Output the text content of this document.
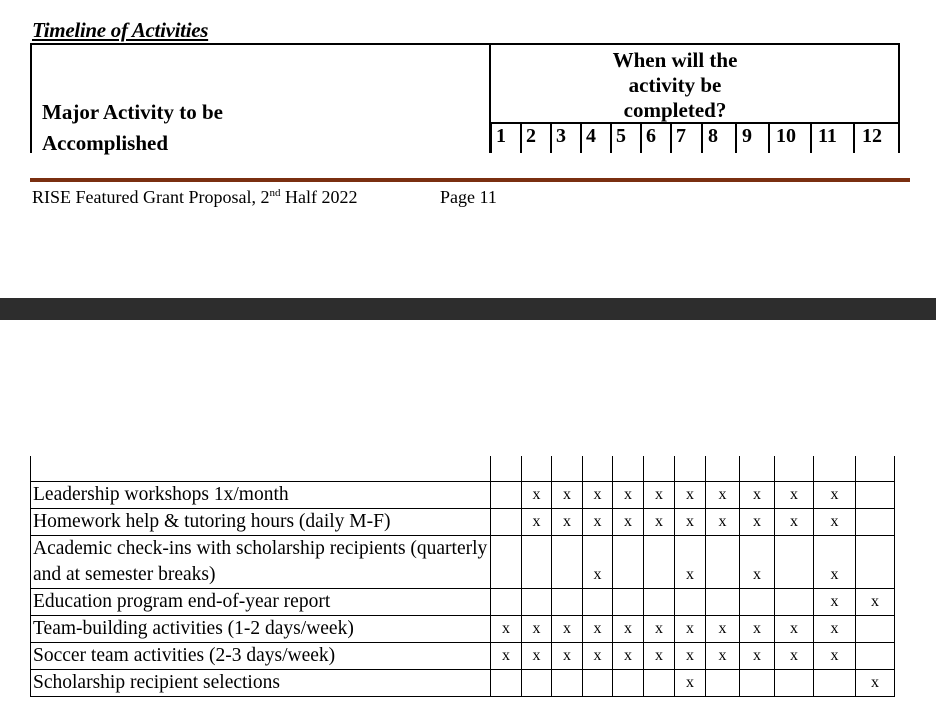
Timeline of Activities
Major Activity to be
Accomplished
When will the
activity be
completed?
1 2 3 4 5 6 7 8 9 10 11 12
RISE Featured Grant Proposal, 2nd Half 2022	Page 11

Leadership workshops 1x/month		x	x	x	x	x	x	x	x	x	x	
Homework help & tutoring hours (daily M-F)		x	x	x	x	x	x	x	x	x	x	
Academic check-ins with scholarship recipients (quarterly and at semester breaks)				x			x		x		x	
Education program end-of-year report											x	x
Team-building activities (1-2 days/week)	x	x	x	x	x	x	x	x	x	x	x	
Soccer team activities (2-3 days/week)	x	x	x	x	x	x	x	x	x	x	x	
Scholarship recipient selections							x					x
